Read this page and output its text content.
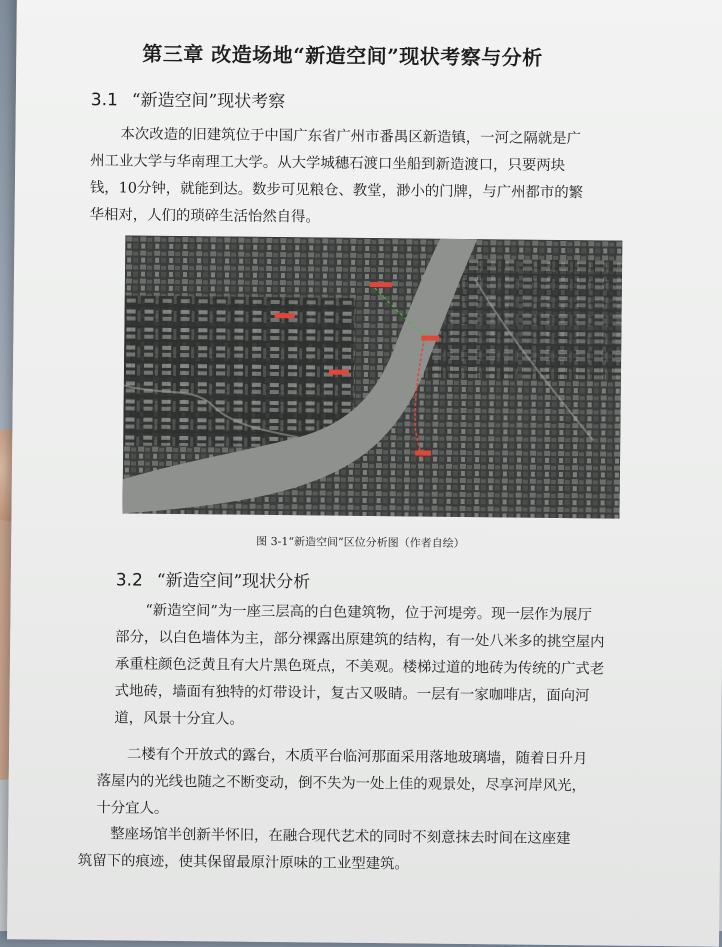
第三章 改造场地“新造空间”现状考察与分析
3.1 “新造空间”现状考察
本次改造的旧建筑位于中国广东省广州市番禺区新造镇，一河之隔就是广
州工业大学与华南理工大学。从大学城穗石渡口坐船到新造渡口，只要两块
钱，10分钟，就能到达。数步可见粮仓、教堂，渺小的门牌，与广州都市的繁
华相对，人们的琐碎生活怡然自得。
图 3-1“新造空间”区位分析图（作者自绘）
3.2 “新造空间”现状分析
“新造空间”为一座三层高的白色建筑物，位于河堤旁。现一层作为展厅
部分，以白色墙体为主，部分裸露出原建筑的结构，有一处八米多的挑空屋内
承重柱颜色泛黄且有大片黑色斑点，不美观。楼梯过道的地砖为传统的广式老
式地砖，墙面有独特的灯带设计，复古又吸睛。一层有一家咖啡店，面向河
道，风景十分宜人。
二楼有个开放式的露台，木质平台临河那面采用落地玻璃墙，随着日升月
落屋内的光线也随之不断变动，倒不失为一处上佳的观景处，尽享河岸风光，
十分宜人。
整座场馆半创新半怀旧，在融合现代艺术的同时不刻意抹去时间在这座建
筑留下的痕迹，使其保留最原汁原味的工业型建筑。
